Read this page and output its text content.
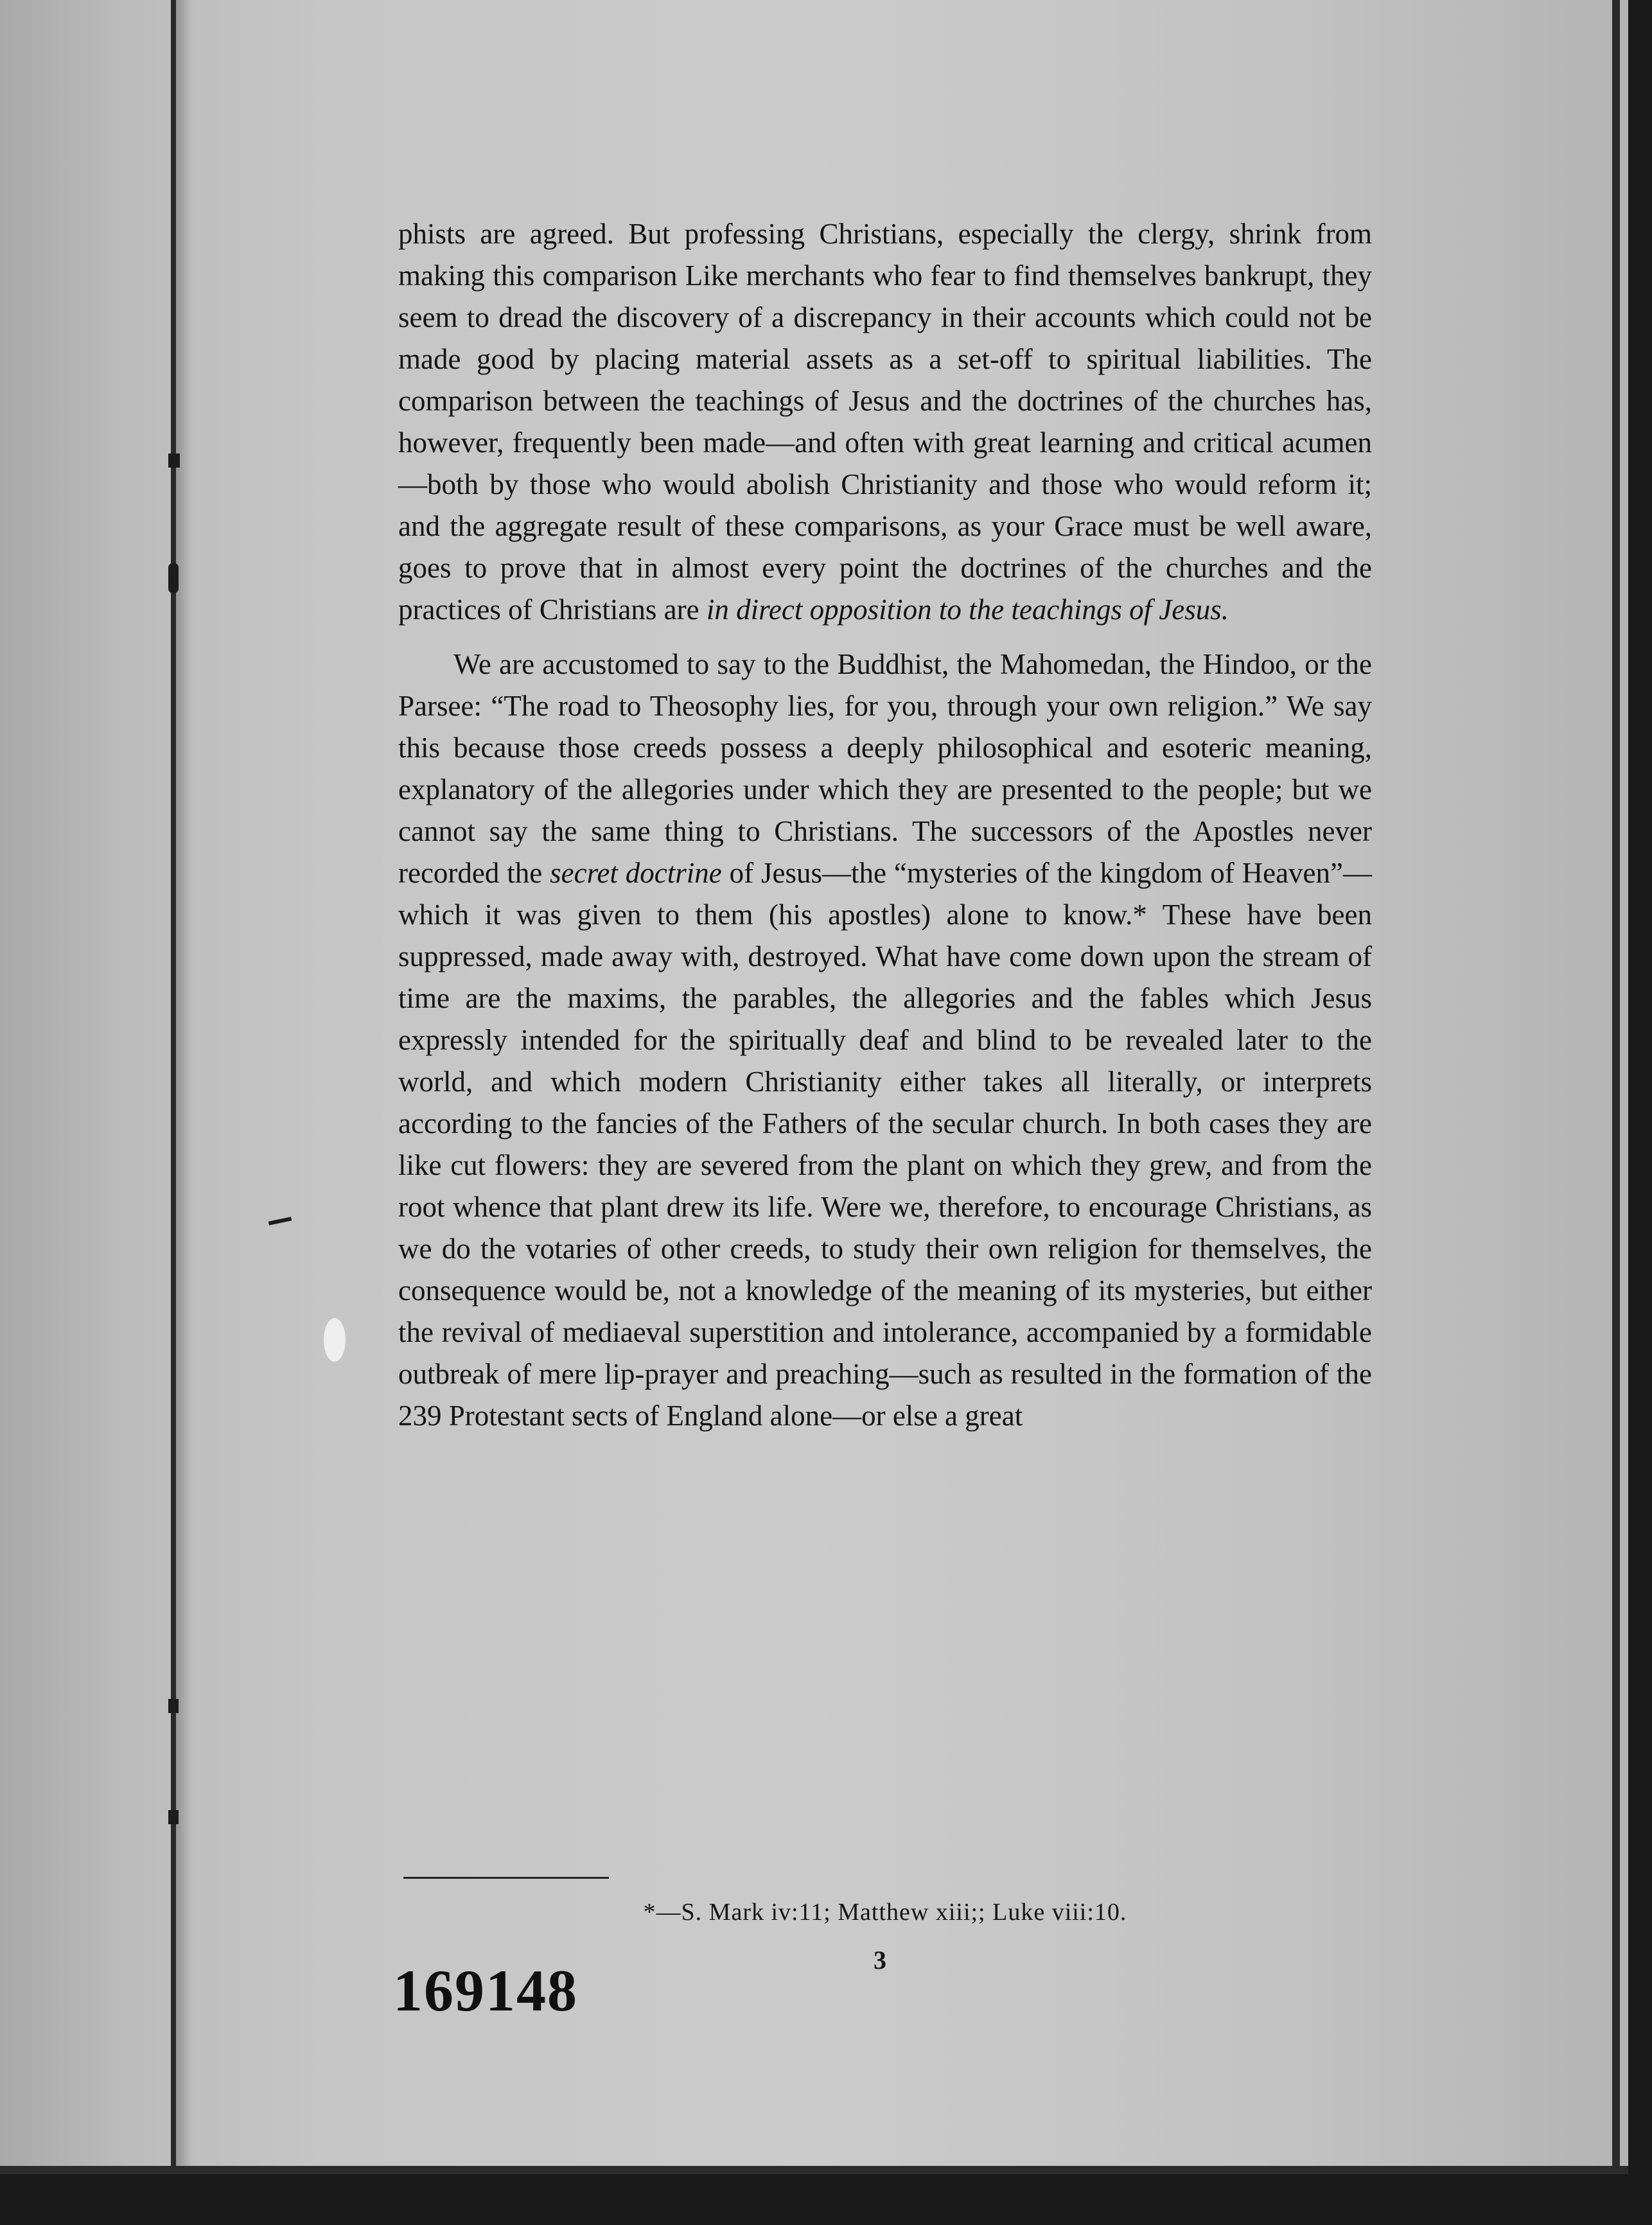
phists are agreed. But professing Christians, especially the clergy, shrink from making this comparison Like merchants who fear to find themselves bankrupt, they seem to dread the discovery of a discrepancy in their accounts which could not be made good by placing material assets as a set-off to spiritual liabilities. The comparison between the teachings of Jesus and the doctrines of the churches has, however, frequently been made—and often with great learning and critical acumen —both by those who would abolish Christianity and those who would reform it; and the aggregate result of these comparisons, as your Grace must be well aware, goes to prove that in almost every point the doctrines of the churches and the practices of Christians are in direct opposition to the teachings of Jesus.

We are accustomed to say to the Buddhist, the Mahomedan, the Hindoo, or the Parsee: “The road to Theosophy lies, for you, through your own religion.” We say this because those creeds possess a deeply philosophical and esoteric meaning, explanatory of the allegories under which they are presented to the people; but we cannot say the same thing to Christians. The successors of the Apostles never recorded the secret doctrine of Jesus—the “mysteries of the kingdom of Heaven”—which it was given to them (his apostles) alone to know.* These have been suppressed, made away with, destroyed. What have come down upon the stream of time are the maxims, the parables, the allegories and the fables which Jesus expressly intended for the spiritually deaf and blind to be revealed later to the world, and which modern Christianity either takes all literally, or interprets according to the fancies of the Fathers of the secular church. In both cases they are like cut flowers: they are severed from the plant on which they grew, and from the root whence that plant drew its life. Were we, therefore, to encourage Christians, as we do the votaries of other creeds, to study their own religion for themselves, the consequence would be, not a knowledge of the meaning of its mysteries, but either the revival of mediaeval superstition and intolerance, accompanied by a formidable outbreak of mere lip-prayer and preaching—such as resulted in the formation of the 239 Protestant sects of England alone—or else a great

*—S. Mark iv:11; Matthew xiii;; Luke viii:10.
3
169148
